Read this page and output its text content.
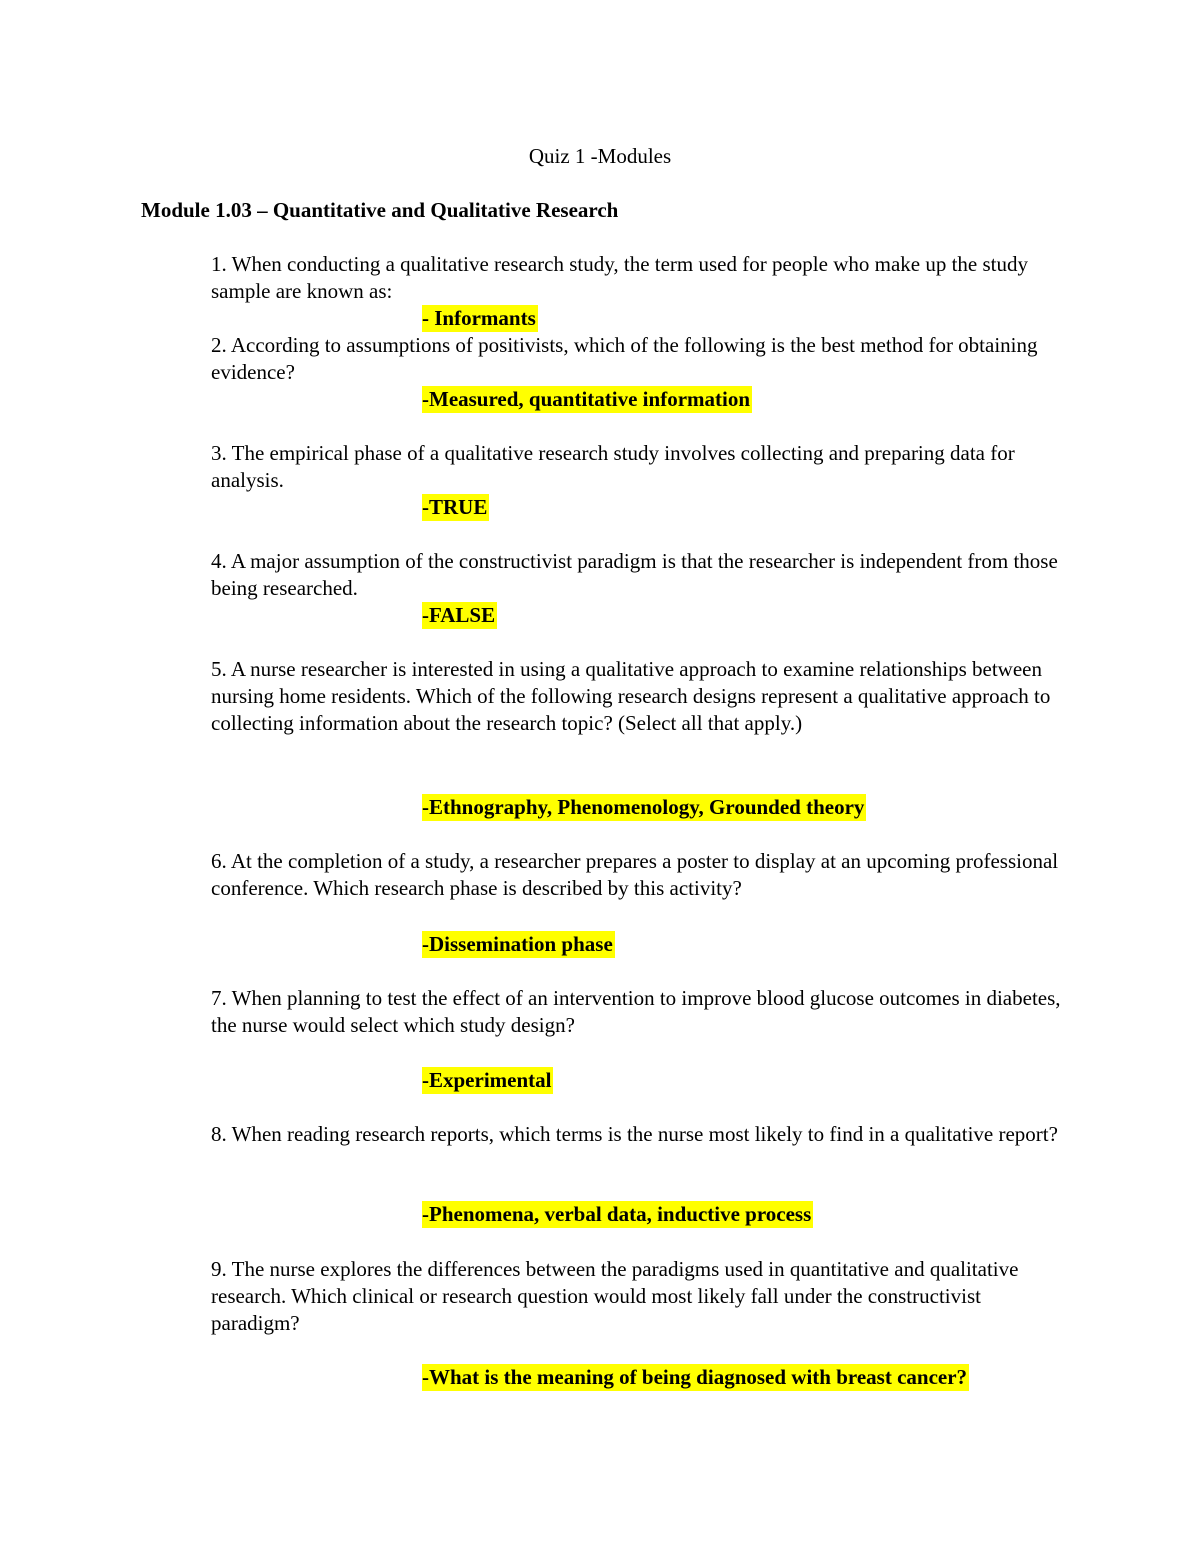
Quiz 1 -Modules
Module 1.03 – Quantitative and Qualitative Research
1. When conducting a qualitative research study, the term used for people who make up the study sample are known as:
- Informants
2. According to assumptions of positivists, which of the following is the best method for obtaining evidence?
-Measured, quantitative information
3. The empirical phase of a qualitative research study involves collecting and preparing data for analysis.
-TRUE
4. A major assumption of the constructivist paradigm is that the researcher is independent from those being researched.
-FALSE
5. A nurse researcher is interested in using a qualitative approach to examine relationships between nursing home residents. Which of the following research designs represent a qualitative approach to collecting information about the research topic? (Select all that apply.)
-Ethnography, Phenomenology, Grounded theory
6. At the completion of a study, a researcher prepares a poster to display at an upcoming professional conference. Which research phase is described by this activity?
-Dissemination phase
7. When planning to test the effect of an intervention to improve blood glucose outcomes in diabetes, the nurse would select which study design?
-Experimental
8. When reading research reports, which terms is the nurse most likely to find in a qualitative report?
-Phenomena, verbal data, inductive process
9. The nurse explores the differences between the paradigms used in quantitative and qualitative research. Which clinical or research question would most likely fall under the constructivist paradigm?
-What is the meaning of being diagnosed with breast cancer?
